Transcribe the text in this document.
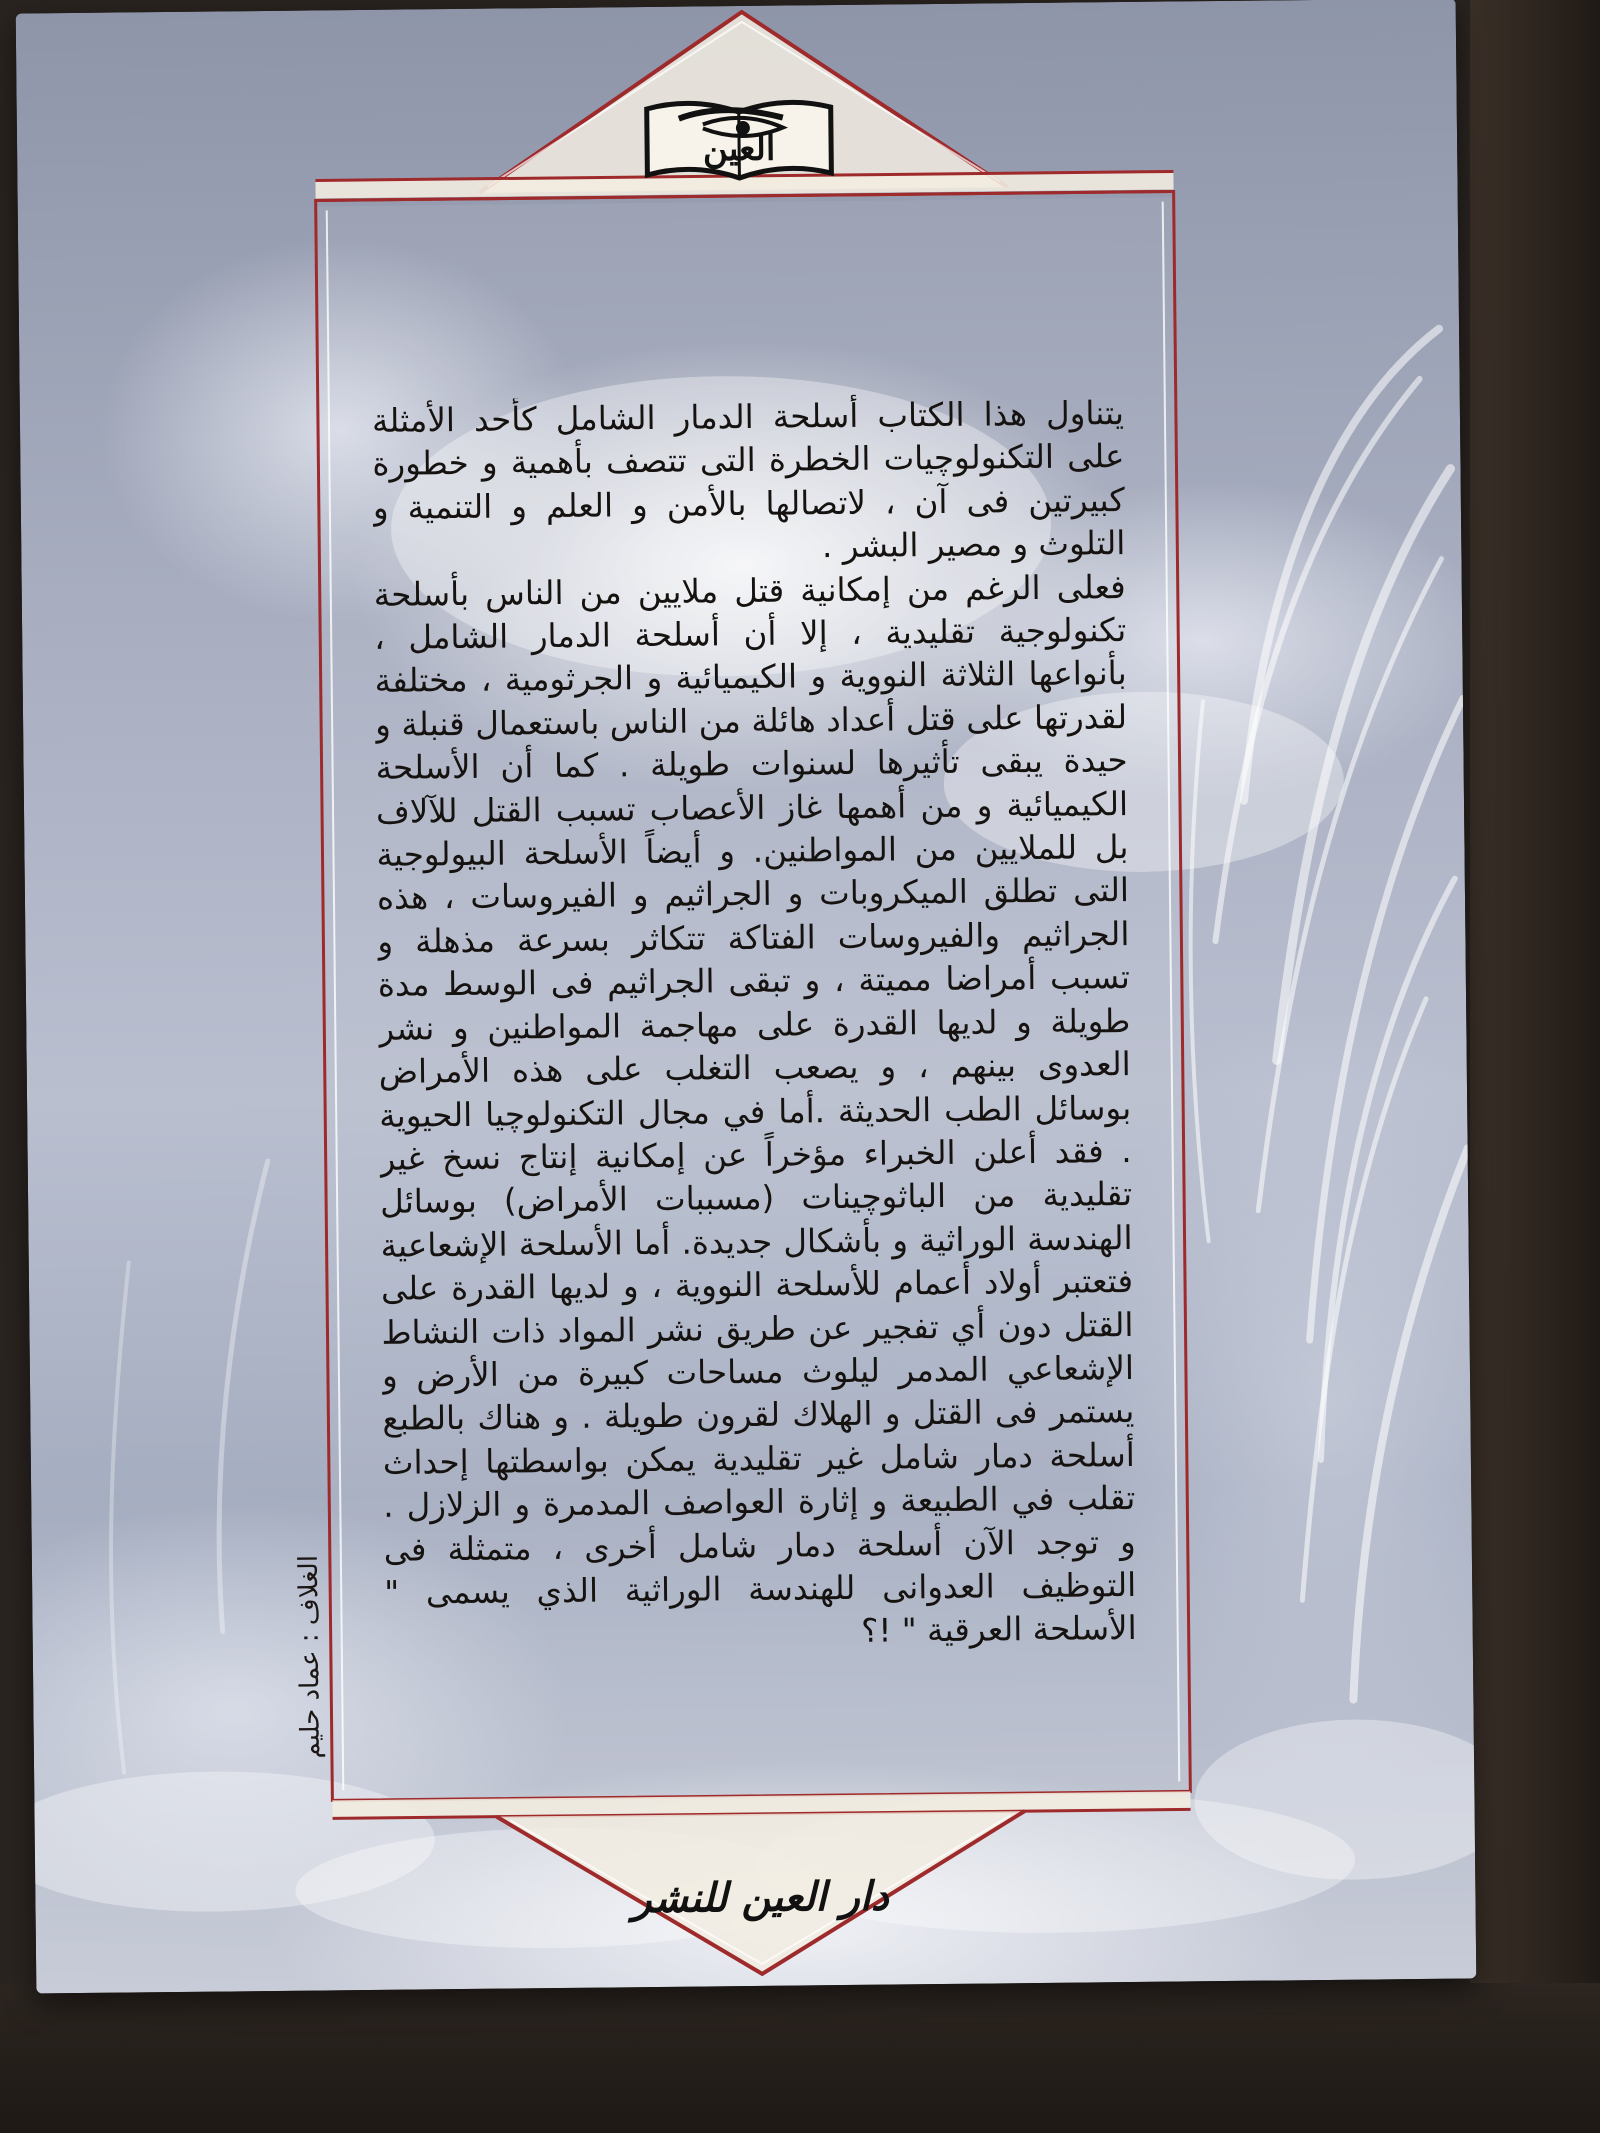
العين

يتناول هذا الكتاب أسلحة الدمار الشامل كأحد الأمثلة على التكنولوچيات الخطرة التى تتصف بأهمية و خطورة كبيرتين فى آن ، لاتصالها بالأمن و العلم و التنمية و التلوث و مصير البشر .

فعلى الرغم من إمكانية قتل ملايين من الناس بأسلحة تكنولوجية تقليدية ، إلا أن أسلحة الدمار الشامل ، بأنواعها الثلاثة النووية و الكيميائية و الجرثومية ، مختلفة لقدرتها على قتل أعداد هائلة من الناس باستعمال قنبلة و حيدة يبقى تأثيرها لسنوات طويلة . كما أن الأسلحة الكيميائية و من أهمها غاز الأعصاب تسبب القتل للآلاف بل للملايين من المواطنين. و أيضاً الأسلحة البيولوجية التى تطلق الميكروبات و الجراثيم و الفيروسات ، هذه الجراثيم والفيروسات الفتاكة تتكاثر بسرعة مذهلة و تسبب أمراضا مميتة ، و تبقى الجراثيم فى الوسط مدة طويلة و لديها القدرة على مهاجمة المواطنين و نشر العدوى بينهم ، و يصعب التغلب على هذه الأمراض بوسائل الطب الحديثة .أما في مجال التكنولوچيا الحيوية . فقد أعلن الخبراء مؤخراً عن إمكانية إنتاج نسخ غير تقليدية من الباثوچينات (مسببات الأمراض) بوسائل الهندسة الوراثية و بأشكال جديدة. أما الأسلحة الإشعاعية فتعتبر أولاد أعمام للأسلحة النووية ، و لديها القدرة على القتل دون أي تفجير عن طريق نشر المواد ذات النشاط الإشعاعي المدمر ليلوث مساحات كبيرة من الأرض و يستمر فى القتل و الهلاك لقرون طويلة . و هناك بالطبع أسلحة دمار شامل غير تقليدية يمكن بواسطتها إحداث تقلب في الطبيعة و إثارة العواصف المدمرة و الزلازل . و توجد الآن أسلحة دمار شامل أخرى ، متمثلة فى التوظيف العدوانى للهندسة الوراثية الذي يسمى " الأسلحة العرقية " !؟

دار العين للنشر
الغلاف : عماد حليم
